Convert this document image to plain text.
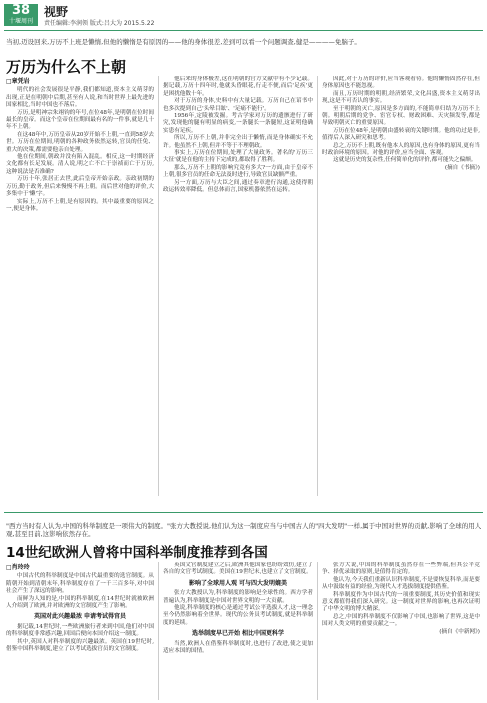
38
十堰周刊
视野
责任编辑:李润领 版式:吕大为 2015.5.22
当初,迈设回来,万历不上班是懒惰,但他的懒惰是有原因的——他的身体很差,差到可以看一个问题调查,健是————免脑子。
万历为什么不上朝
□章凭岩
明代的社会发展很是平静,我们都知道,资本主义萌芽的出现,正是在明朝中后期,甚至有人说,和当时世界上最先进的国家相比,当时中国也不落后。
万历,是明神宗朱翊钧的年号,在位48年,是明朝在位时间最长的皇帝。而这个皇帝在位期间最有名的一件事,就是几十年不上朝。
在这48年中,万历皇帝从20岁开始不上朝,一直到58岁去世。万历在位期间,明朝的各种政务依然运转,官员的任免、重大的决策,都需要他亲自处理。
他在位期间,朝政并没有陷入混乱。相反,这一时期经济文化都有长足发展。清人说,明之亡不亡于崇祯而亡于万历,这种说法是否准确?
万历十年,张居正去世,此后皇帝开始亲政。亲政初期的万历,勤于政务,但后来慢慢不再上朝。而后世对他的评价,大多集中于'懒'字。
实际上,万历不上朝,是有原因的。其中最重要的原因之一,便是身体。
他后来的身体极差,这在明朝的官方文献中有不少记载。据记载,万历十四年时,他就头昏眼花,行走不便,而后'足疾'更是困扰他数十年。
对于万历的身体,史料中有大量记载。万历自己在诏书中也多次提到自己'头晕目眩'、'足痛不能行'。
1956年,定陵被发掘。考古学家对万历的遗骸进行了研究,发现他的腿有明显的病变,一条腿长一条腿短,这证明他确实患有足疾。
所以,万历不上朝,并非完全出于懒惰,而是身体确实不允许。他虽然不上朝,但并不等于不理朝政。
事实上,万历在位期间,处理了大量政务。著名的'万历三大征'就是在他的主持下完成的,都取得了胜利。
那么,万历不上朝的影响究竟有多大?一方面,由于皇帝不上朝,很多官员的任命无法及时进行,导致官员缺额严重。
另一方面,万历与大臣之间,通过奏章进行沟通,这使得朝政运转效率降低。但总体而言,国家机器依然在运转。
因此,对于万历的评价,应当客观看待。他的懒惰固然存在,但身体原因也不能忽视。
而且,万历时期的明朝,经济繁荣,文化昌盛,资本主义萌芽出现,这是不可否认的事实。
至于明朝的灭亡,原因是多方面的,不能简单归结为万历不上朝。明朝后期的党争、宦官专权、财政困难、天灾频发等,都是导致明朝灭亡的重要原因。
万历在位48年,是明朝由盛转衰的关键时期。他的功过是非,值得后人深入研究和思考。
总之,万历不上朝,既有他本人的原因,也有身体的原因,更有当时政治环境的原因。对他的评价,应当全面、客观。
这就是历史的复杂性,任何简单化的评价,都可能失之偏颇。
(摘自《书摘》)
"西方当时有人认为,中国的科举制度是一项伟大的制度。"张方大教授说,他们认为这一制度应当与中国古人的"四大发明"一样,属于中国对世界的贡献,影响了全球的用人观,甚至目前,这影响依然存在。
14世纪欧洲人曾将中国科举制度推荐到各国
□肖玲玲
中国古代的科举制度是中国古代最重要的选官制度。从隋朝开始到清朝末年,科举制度存在了一千三百多年,对中国社会产生了深远的影响。
而鲜为人知的是,中国的科举制度,在14世纪时就被欧洲人介绍到了欧洲,并对欧洲的文官制度产生了影响。
英国对此兴趣最浓 申请考试得官员
据记载,14世纪时,一些欧洲旅行者来到中国,他们对中国的科举制度非常感兴趣,回国后便向本国介绍这一制度。
其中,英国人对科举制度的兴趣最浓。英国在19世纪时,借鉴中国科举制度,建立了以考试选拔官员的文官制度。
英国文官制度建立之后,欧洲其他国家也纷纷效仿,建立了各自的文官考试制度。美国在19世纪末,也建立了文官制度。
影响了全球用人观 可与四大发明媲美
张方大教授认为,科举制度的影响是全球性的。西方学者普遍认为,科举制度是中国对世界文明的一大贡献。
他说,科举制度的核心是通过考试公平选拔人才,这一理念至今仍然影响着全世界。现代的公务员考试制度,就是科举制度的延续。
选举制度早已开始 相比中国更科学
当然,欧洲人在借鉴科举制度时,也进行了改进,使之更加适应本国的国情。
张方大说,中国的科举制度虽然存在一些弊端,但其公平竞争、择优录取的原则,是值得肯定的。
他认为,今天我们重新认识科举制度,不是要恢复科举,而是要从中汲取有益的经验,为现代人才选拔制度提供借鉴。
科举制度作为中国古代的一项重要制度,其历史价值和现实意义都值得我们深入研究。这一制度对世界的影响,也再次证明了中华文明的博大精深。
总之,中国的科举制度不仅影响了中国,也影响了世界,这是中国对人类文明的重要贡献之一。
(摘自《中新网》)
